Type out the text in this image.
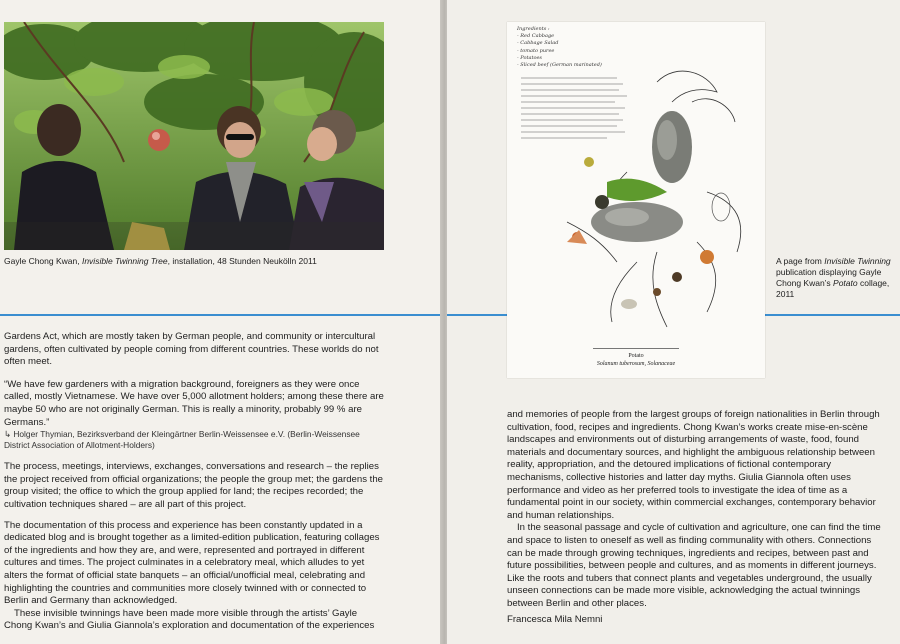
Gayle Chong Kwan, Invisible Twinning Tree, installation, 48 Stunden Neukölln 2011

Gardens Act, which are mostly taken by German people, and community or intercultural gardens, often cultivated by people coming from different countries. These worlds do not often meet.

“We have few gardeners with a migration background, foreigners as they were once called, mostly Vietnamese. We have over 5,000 allotment holders; among these there are maybe 50 who are not originally German. This is really a minority, probably 99 % are Germans.”

↳ Holger Thymian, Bezirksverband der Kleingärtner Berlin-Weissensee e.V. (Berlin-Weissensee District Association of Allotment-Holders)

The process, meetings, interviews, exchanges, conversations and research – the replies the project received from official organizations; the people the group met; the gardens the group visited; the office to which the group applied for land; the recipes recorded; the cultivation techniques shared – are all part of this project.

The documentation of this process and experience has been constantly updated in a dedicated blog and is brought together as a limited-edition publication, featuring collages of the ingredients and how they are, and were, represented and portrayed in different cultures and times. The project culminates in a celebratory meal, which alludes to yet alters the format of official state banquets – an official/unofficial meal, celebrating and highlighting the countries and communities more closely twinned with or connected to Berlin and Germany than acknowledged.

These invisible twinnings have been made more visible through the artists’ Gayle Chong Kwan’s and Giulia Giannola’s exploration and documentation of the experiences

Ingredients :
- Red Cabbage
- Cabbage Salad
- tomato puree
- Potatoes
- Sliced beef (German marinated)
Potato
Solanum tuberosum, Solanaceae
A page from Invisible Twinning publication displaying Gayle Chong Kwan’s Potato collage, 2011

and memories of people from the largest groups of foreign nationalities in Berlin through cultivation, food, recipes and ingredients. Chong Kwan’s works create mise-en-scène landscapes and environments out of disturbing arrangements of waste, food, found materials and documentary sources, and highlight the ambiguous relationship between reality, appropriation, and the detoured implications of fictional contemporary mechanisms, collective histories and latter day myths. Giulia Giannola often uses performance and video as her preferred tools to investigate the idea of time as a fundamental point in our society, within commercial exchanges, contemporary behavior and human relationships.

In the seasonal passage and cycle of cultivation and agriculture, one can find the time and space to listen to oneself as well as finding communality with others. Connections can be made through growing techniques, ingredients and recipes, between past and future possibilities, between people and cultures, and as moments in different journeys. Like the roots and tubers that connect plants and vegetables underground, the usually unseen connections can be made more visible, acknowledging the actual twinnings between Berlin and other places.

Francesca Mila Nemni
